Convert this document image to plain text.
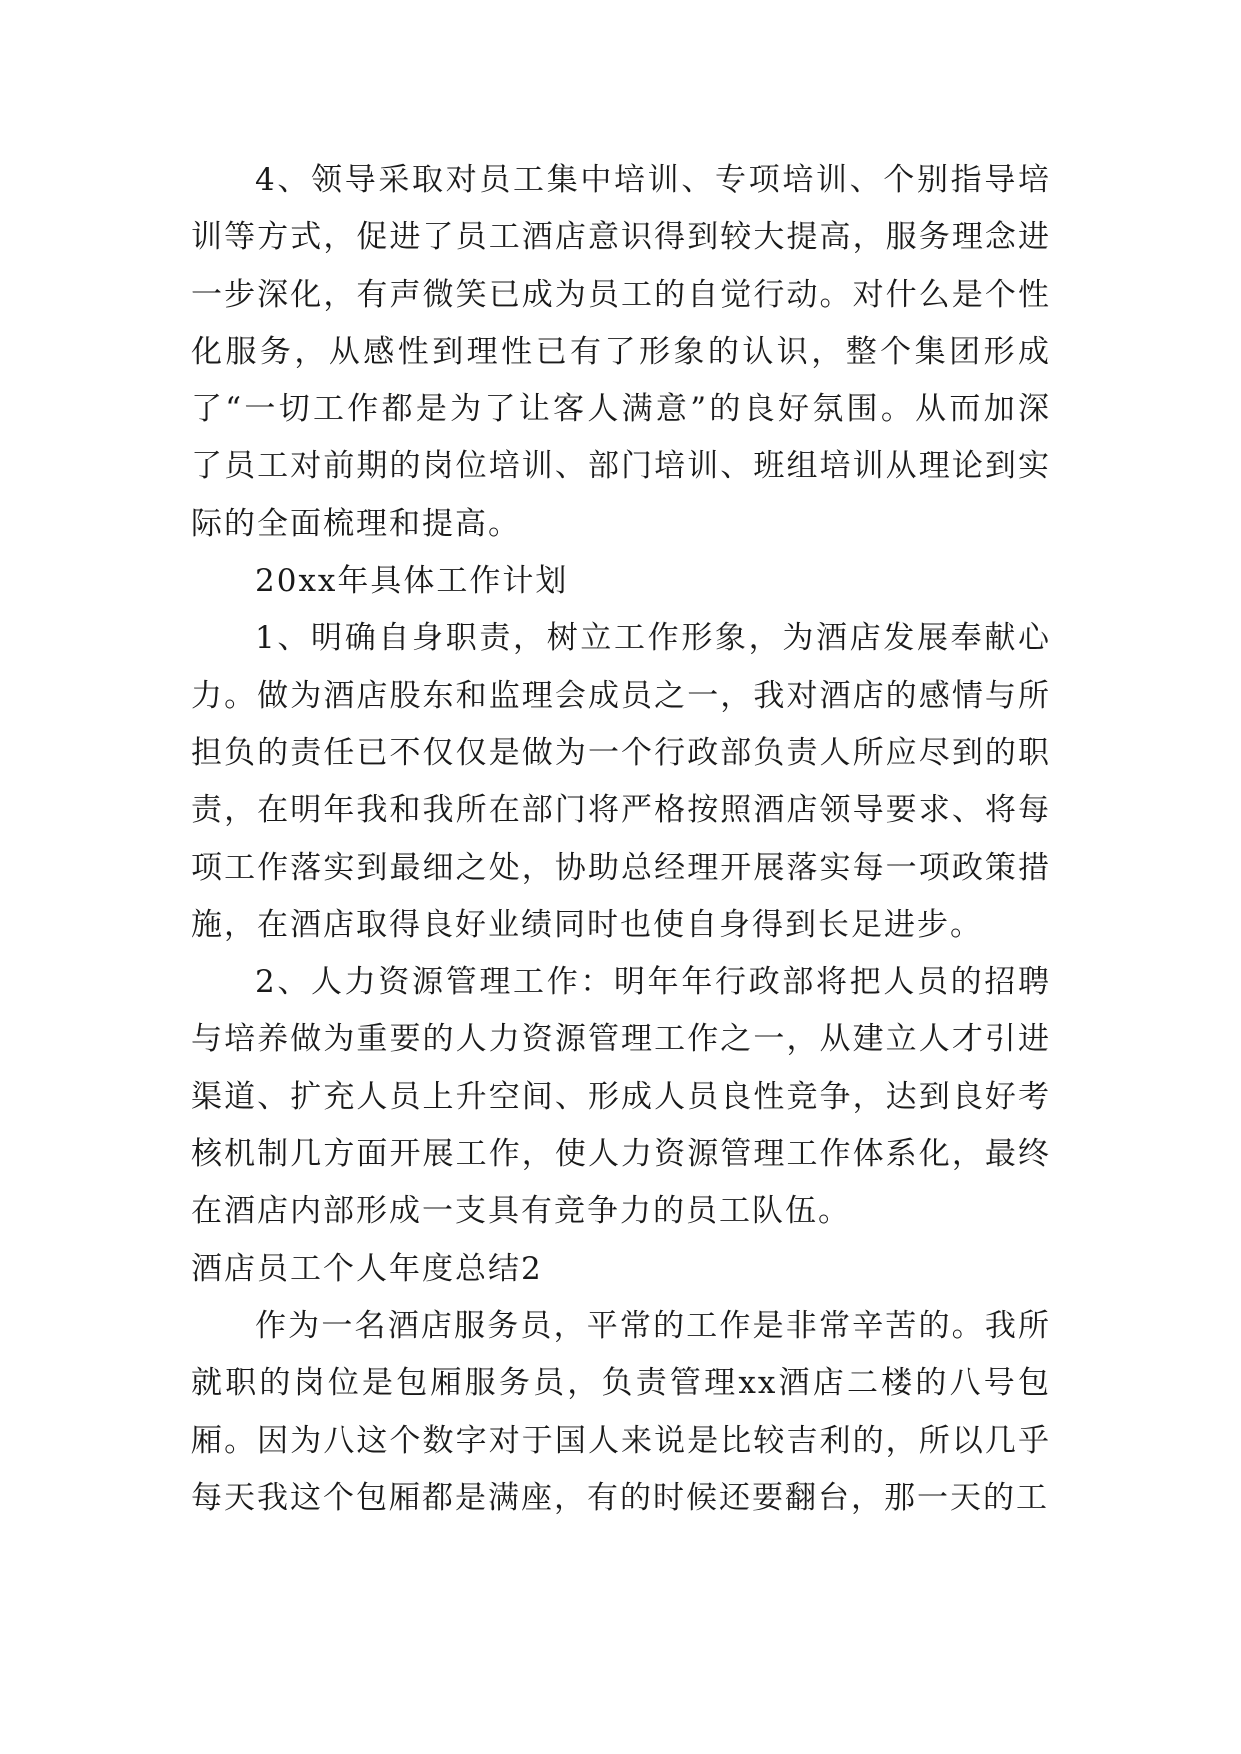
4、领导采取对员工集中培训、专项培训、个别指导培训等方式，促进了员工酒店意识得到较大提高，服务理念进一步深化，有声微笑已成为员工的自觉行动。对什么是个性化服务，从感性到理性已有了形象的认识，整个集团形成了“一切工作都是为了让客人满意”的良好氛围。从而加深了员工对前期的岗位培训、部门培训、班组培训从理论到实际的全面梳理和提高。

20xx年具体工作计划

1、明确自身职责，树立工作形象，为酒店发展奉献心力。做为酒店股东和监理会成员之一，我对酒店的感情与所担负的责任已不仅仅是做为一个行政部负责人所应尽到的职责，在明年我和我所在部门将严格按照酒店领导要求、将每项工作落实到最细之处，协助总经理开展落实每一项政策措施，在酒店取得良好业绩同时也使自身得到长足进步。

2、人力资源管理工作：明年年行政部将把人员的招聘与培养做为重要的人力资源管理工作之一，从建立人才引进渠道、扩充人员上升空间、形成人员良性竞争，达到良好考核机制几方面开展工作，使人力资源管理工作体系化，最终在酒店内部形成一支具有竞争力的员工队伍。

酒店员工个人年度总结2

作为一名酒店服务员，平常的工作是非常辛苦的。我所就职的岗位是包厢服务员，负责管理xx酒店二楼的八号包厢。因为八这个数字对于国人来说是比较吉利的，所以几乎每天我这个包厢都是满座，有的时候还要翻台，那一天的工
